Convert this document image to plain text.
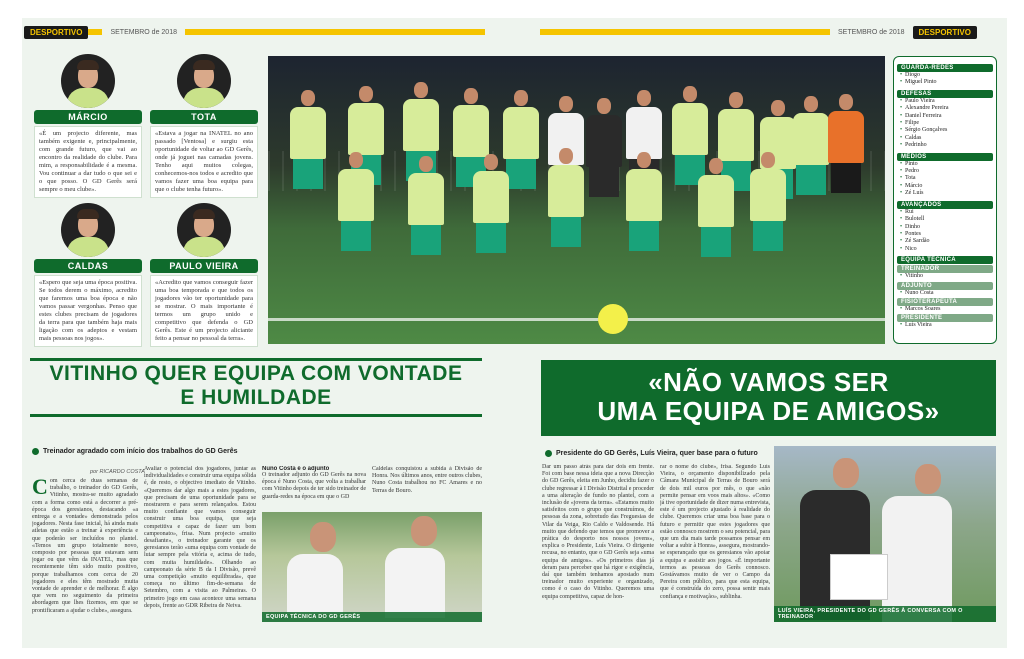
DESPORTIVO	SETEMBRO de 2018	SETEMBRO de 2018	DESPORTIVO
MÁRCIO
«É um projecto diferente, mas também exigente e, principalmente, com grande futuro, que vai ao encontro da realidade do clube. Para mim, a responsabilidade é a mesma. Vou continuar a dar tudo o que sei e o que posso. O GD Gerês será sempre o meu clube».
TOTA
«Estava a jogar na INATEL no ano passado [Ventosa] e surgiu esta oportunidade de voltar ao GD Gerês, onde já joguei nas camadas jovens. Tenho aqui muitos colegas, conhecemos-nos todos e acredito que vamos fazer uma boa equipa para que o clube tenha futuro».
CALDAS
«Espero que seja uma época positiva. Se todos derem o máximo, acredito que faremos uma boa época e não vamos passar vergonhas. Penso que estes clubes precisam de jogadores da terra para que também haja mais ligação com os adeptos e vestam mais pessoas nos jogos».
PAULO VIEIRA
«Acredito que vamos conseguir fazer uma boa temporada e que todos os jogadores vão ter oportunidade para se mostrar. O mais importante é termos um grupo unido e competitivo que defenda o GD Gerês. Este é um projecto aliciante feito a pensar no pessoal da terra».
GUARDA-REDES
• Diogo
• Miguel Pinto
DEFESAS
• Paulo Vieira
• Alexandre Pereira
• Daniel Ferreira
• Filipe
• Sérgio Gonçalves
• Caldas
• Pedrinho
MÉDIOS
• Pinto
• Pedro
• Tota
• Márcio
• Zé Luís
AVANÇADOS
• Rui
• Bulotell
• Dinho
• Pontes
• Zé Sardão
• Nico
EQUIPA TÉCNICA
TREINADOR
• Vitinho
ADJUNTO
• Nuno Costa
FISIOTERAPEUTA
• Marcos Soares
PRESIDENTE
• Luís Vieira
VITINHO QUER EQUIPA COM VONTADE
E HUMILDADE
«NÃO VAMOS SER
UMA EQUIPA DE AMIGOS»
Treinador agradado com início dos trabalhos do GD Gerês
por RICARDO COSTA
Com cerca de duas semanas de trabalho, o treinador do GD Gerês, Vitinho, mostra-se muito agradado com a forma como está a decorrer a pré-época dos geresianos, destacando «a entrega e a vontade» demonstrada pelos jogadores. Nesta fase inicial, há ainda mais atletas que estão a treinar à experiência e que poderão ser incluídos no plantel. «Temos um grupo totalmente novo, composto por pessoas que estavam sem jogar ou que vêm da INATEL, mas que recentemente têm sido muito positivo, porque trabalhamos com cerca de 20 jogadores e eles têm mostrado muita vontade de aprender e de melhorar. É algo que vem no seguimento da primeira abordagem que lhes fizemos, em que se prontificaram a ajudar o clube», assegura.
Avaliar o potencial dos jogadores, juntar as individualidades e construir uma equipa sólida é, de resto, o objectivo imediato de Vitinho. «Queremos dar algo mais a estes jogadores, que precisam de uma oportunidade para se mostrarem e para serem relançados. Estou muito confiante que vamos conseguir construir uma boa equipa, que seja competitiva e capaz de fazer um bom campeonato», frisa. Num projecto «muito desafiante», o treinador garante que os geresianos terão «uma equipa com vontade de lutar sempre pela vitória e, acima de tudo, com muita humildade». Olhando ao campeonato da série B da I Divisão, prevê uma competição «muito equilibrada», que começa no último fim-de-semana de Setembro, com a visita ao Palmeiras. O primeiro jogo em casa acontece uma semana depois, frente ao GDR Ribeira de Neiva.
Nuno Costa é o adjunto
O treinador adjunto do GD Gerês na nova época é Nuno Costa, que volta a trabalhar com Vitinho depois de ter sido treinador de guarda-redes na época em que o GD
Caldelas conquistou a subida à Divisão de Honra. Nos últimos anos, entre outros clubes, Nuno Costa trabalhou no FC Amares e no Terras de Bouro.
EQUIPA TÉCNICA DO GD GERÊS
Presidente do GD Gerês, Luís Vieira, quer base para o futuro
Dar um passo atrás para dar dois em frente. Foi com base nessa ideia que a nova Direcção do GD Gerês, eleita em Junho, decidiu fazer o clube regressar à I Divisão Distrital e proceder a uma alteração de fundo no plantel, com a inclusão de «jovens da terra». «Estamos muito satisfeitos com o grupo que construímos, de pessoas da zona, sobretudo das Freguesias de Vilar da Veiga, Rio Caldo e Valdosende. Há muito que defendo que temos que promover a prática do desporto nos nossos jovens», explica o Presidente, Luís Vieira. O dirigente recusa, no entanto, que o GD Gerês seja «uma equipa de amigos». «Os primeiros dias já deram para perceber que há rigor e exigência, daí que também tenhamos apostado num treinador muito experiente e organizado, como é o caso do Vitinho. Queremos uma equipa competitiva, capaz de hon-
rar o nome do clube», frisa. Segundo Luís Vieira, o orçamento disponibilizado pela Câmara Municipal de Terras de Bouro será de dois mil euros por mês, o que «não permite pensar em voos mais altos». «Como já tive oportunidade de dizer numa entrevista, este é um projecto ajustado à realidade do clube. Queremos criar uma boa base para o futuro e permitir que estes jogadores que estão connosco mostrem o seu potencial, para que um dia mais tarde possamos pensar em voltar a subir à Honra», assegura, mostrando-se esperançado que os geresianos vão apoiar a equipa e assistir aos jogos. «É importante termos as pessoas do Gerês connosco. Gostávamos muito de ver o Campo da Pereira com público, para que esta equipa, que é construída do zero, possa sentir mais confiança e motivação», sublinha.
LUÍS VIEIRA, PRESIDENTE DO GD GERÊS À CONVERSA COM O TREINADOR
